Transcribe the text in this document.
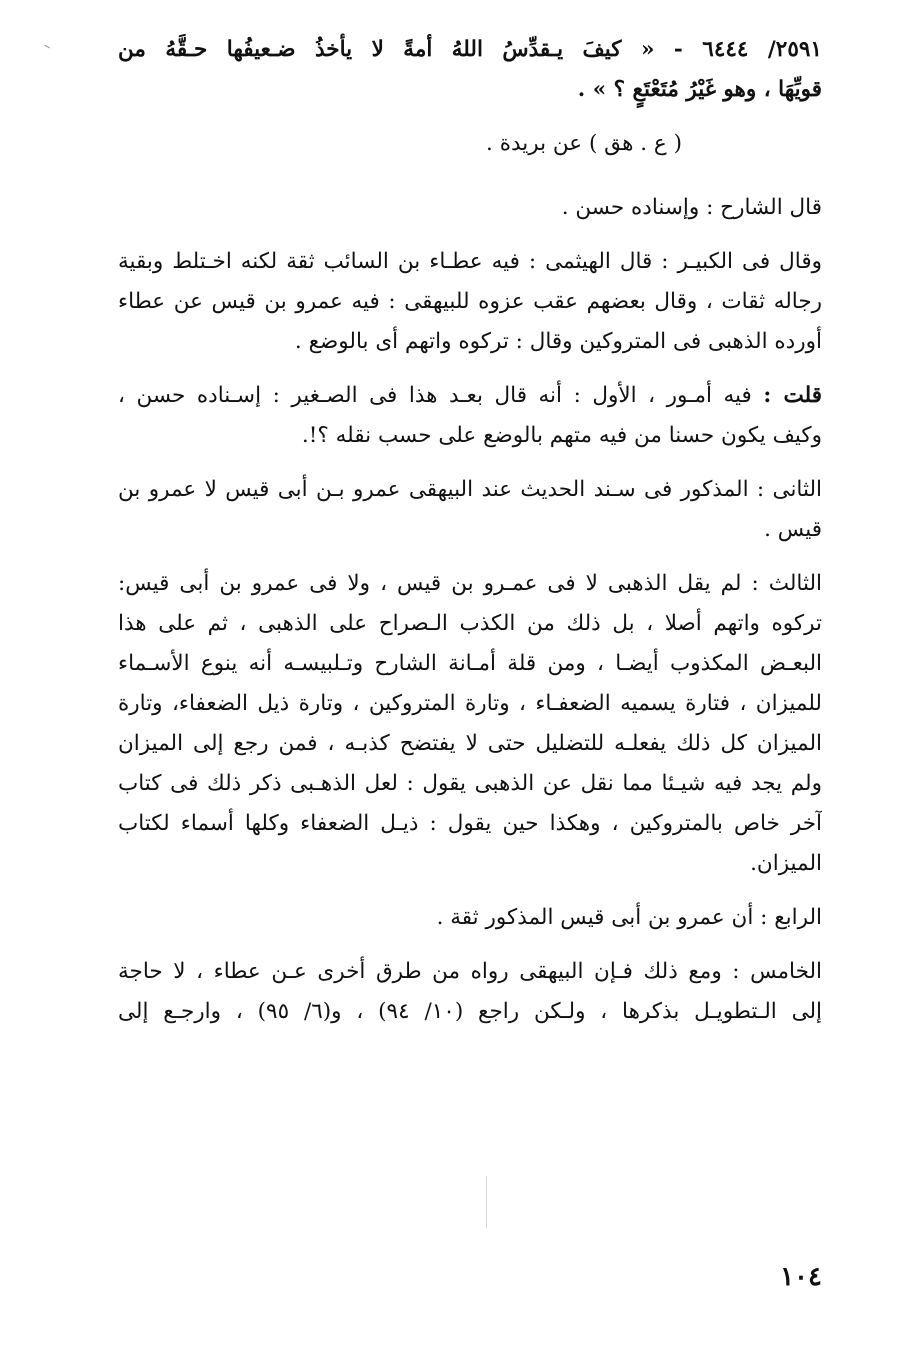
٢٥٩١/ ٦٤٤٤ - « كيفَ يـقدِّسُ اللهُ أمةً لا يأخذُ ضـعيفُها حـقَّهُ من
قويِّهَا ، وهو غَيْرُ مُتَعْتَعٍ ؟ » .
( ع . هق ) عن بريدة .
قال الشارح : وإسناده حسن .
وقال فى الكبيـر : قال الهيثمى : فيه عطـاء بن السائب ثقة لكنه اخـتلط وبقية
رجاله ثقات ، وقال بعضهم عقب عزوه للبيهقى : فيه عمرو بن قيس عن عطاء
أورده الذهبى فى المتروكين وقال : تركوه واتهم أى بالوضع .
قلت : فيه أمـور ، الأول : أنه قال بعـد هذا فى الصـغير : إسـناده حسن ،
وكيف يكون حسنا من فيه متهم بالوضع على حسب نقله ؟!.
الثانى : المذكور فى سـند الحديث عند البيهقى عمرو بـن أبى قيس لا عمرو بن
قيس .
الثالث : لم يقل الذهبى لا فى عمـرو بن قيس ، ولا فى عمرو بن أبى قيس:
تركوه واتهم أصلا ، بل ذلك من الكذب الـصراح على الذهبى ، ثم على هذا
البعـض المكذوب أيضـا ، ومن قلة أمـانة الشارح وتـلبيسـه أنه ينوع الأسـماء
للميزان ، فتارة يسميه الضعفـاء ، وتارة المتروكين ، وتارة ذيل الضعفاء، وتارة
الميزان كل ذلك يفعلـه للتضليل حتى لا يفتضح كذبـه ، فمن رجع إلى الميزان
ولم يجد فيه شيـئا مما نقل عن الذهبى يقول : لعل الذهـبى ذكر ذلك فى كتاب
آخر خاص بالمتروكين ، وهكذا حين يقول : ذيـل الضعفاء وكلها أسماء لكتاب
الميزان.
الرابع : أن عمرو بن أبى قيس المذكور ثقة .
الخامس : ومع ذلك فـإن البيهقى رواه من طرق أخرى عـن عطاء ، لا حاجة
إلى الـتطويـل بذكرها ، ولـكن راجع (١٠/ ٩٤) ، و(٦/ ٩٥) ، وارجـع إلى
١٠٤
